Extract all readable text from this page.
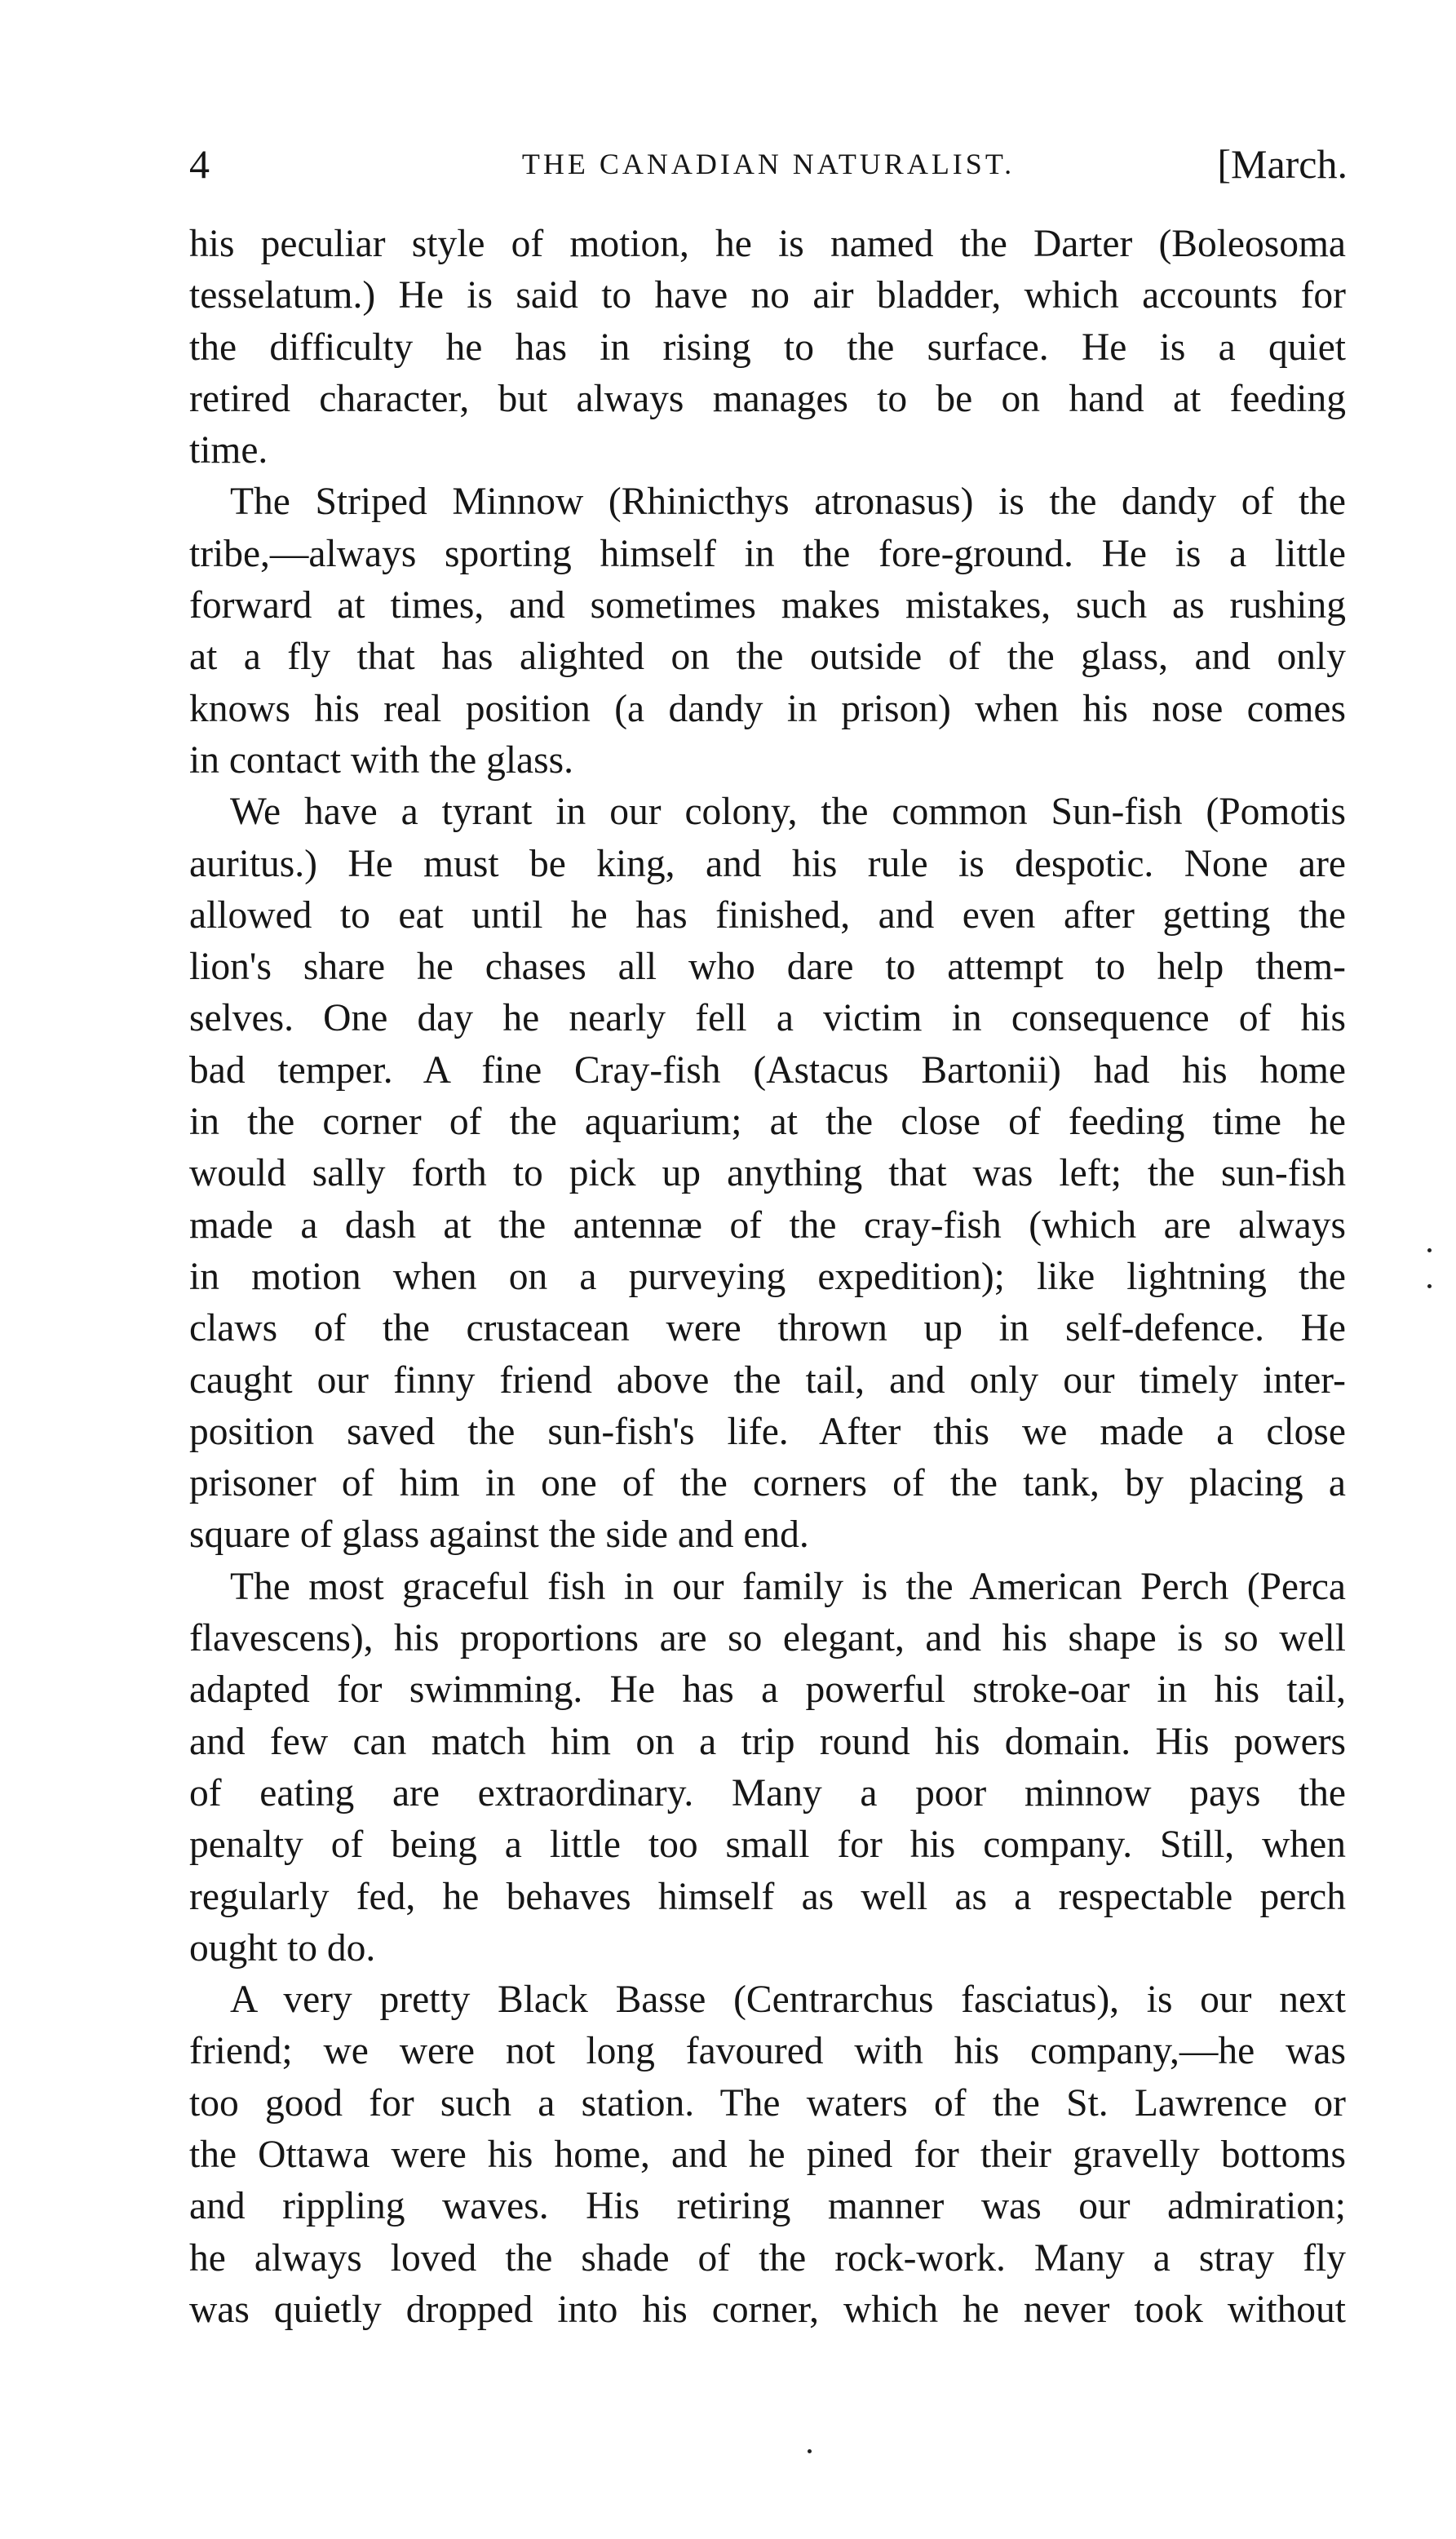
4	THE CANADIAN NATURALIST.	[March.
his peculiar style of motion, he is named the Darter (Boleosoma
tesselatum.) He is said to have no air bladder, which accounts for
the difficulty he has in rising to the surface. He is a quiet
retired character, but always manages to be on hand at feeding
time.
The Striped Minnow (Rhinicthys atronasus) is the dandy of the
tribe,—always sporting himself in the fore-ground. He is a little
forward at times, and sometimes makes mistakes, such as rushing
at a fly that has alighted on the outside of the glass, and only
knows his real position (a dandy in prison) when his nose comes
in contact with the glass.
We have a tyrant in our colony, the common Sun-fish (Pomotis
auritus.) He must be king, and his rule is despotic. None are
allowed to eat until he has finished, and even after getting the
lion's share he chases all who dare to attempt to help them-
selves. One day he nearly fell a victim in consequence of his
bad temper. A fine Cray-fish (Astacus Bartonii) had his home
in the corner of the aquarium; at the close of feeding time he
would sally forth to pick up anything that was left; the sun-fish
made a dash at the antennæ of the cray-fish (which are always
in motion when on a purveying expedition); like lightning the
claws of the crustacean were thrown up in self-defence. He
caught our finny friend above the tail, and only our timely inter-
position saved the sun-fish's life. After this we made a close
prisoner of him in one of the corners of the tank, by placing a
square of glass against the side and end.
The most graceful fish in our family is the American Perch (Perca
flavescens), his proportions are so elegant, and his shape is so well
adapted for swimming. He has a powerful stroke-oar in his tail,
and few can match him on a trip round his domain. His powers
of eating are extraordinary. Many a poor minnow pays the
penalty of being a little too small for his company. Still, when
regularly fed, he behaves himself as well as a respectable perch
ought to do.
A very pretty Black Basse (Centrarchus fasciatus), is our next
friend; we were not long favoured with his company,—he was
too good for such a station. The waters of the St. Lawrence or
the Ottawa were his home, and he pined for their gravelly bottoms
and rippling waves. His retiring manner was our admiration;
he always loved the shade of the rock-work. Many a stray fly
was quietly dropped into his corner, which he never took without
